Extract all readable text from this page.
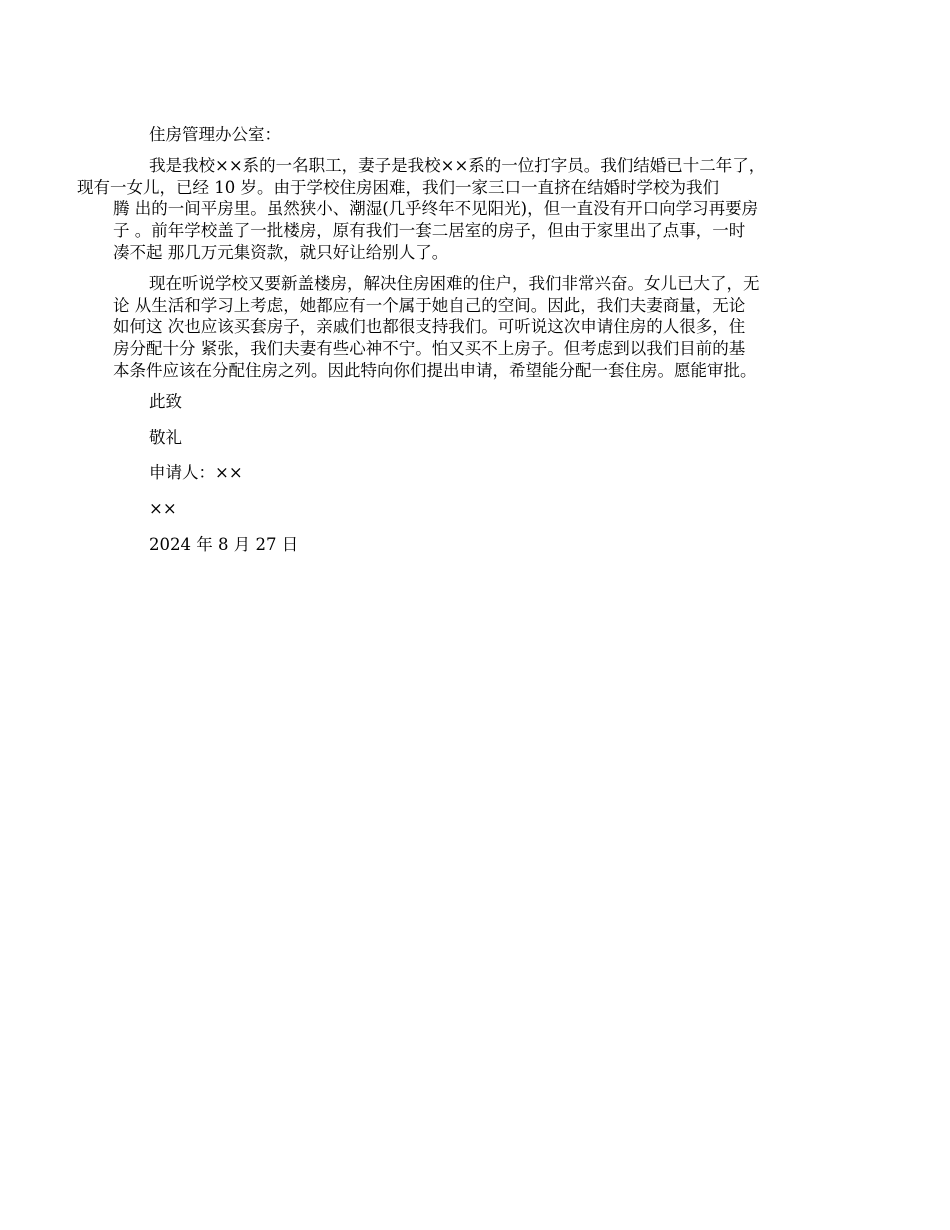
住房管理办公室：

我是我校××系的一名职工，妻子是我校××系的一位打字员。我们结婚已十二年了，
现有一女儿，已经 10 岁。由于学校住房困难，我们一家三口一直挤在结婚时学校为我们
腾 出的一间平房里。虽然狭小、潮湿(几乎终年不见阳光)，但一直没有开口向学习再要房
子 。前年学校盖了一批楼房，原有我们一套二居室的房子，但由于家里出了点事，一时
凑不起 那几万元集资款，就只好让给别人了。

现在听说学校又要新盖楼房，解决住房困难的住户，我们非常兴奋。女儿已大了，无
论 从生活和学习上考虑，她都应有一个属于她自己的空间。因此，我们夫妻商量，无论
如何这 次也应该买套房子，亲戚们也都很支持我们。可听说这次申请住房的人很多，住
房分配十分 紧张，我们夫妻有些心神不宁。怕又买不上房子。但考虑到以我们目前的基
本条件应该在分配住房之列。因此特向你们提出申请，希望能分配一套住房。愿能审批。

此致

敬礼

申请人：××

××

2024 年 8 月 27 日
